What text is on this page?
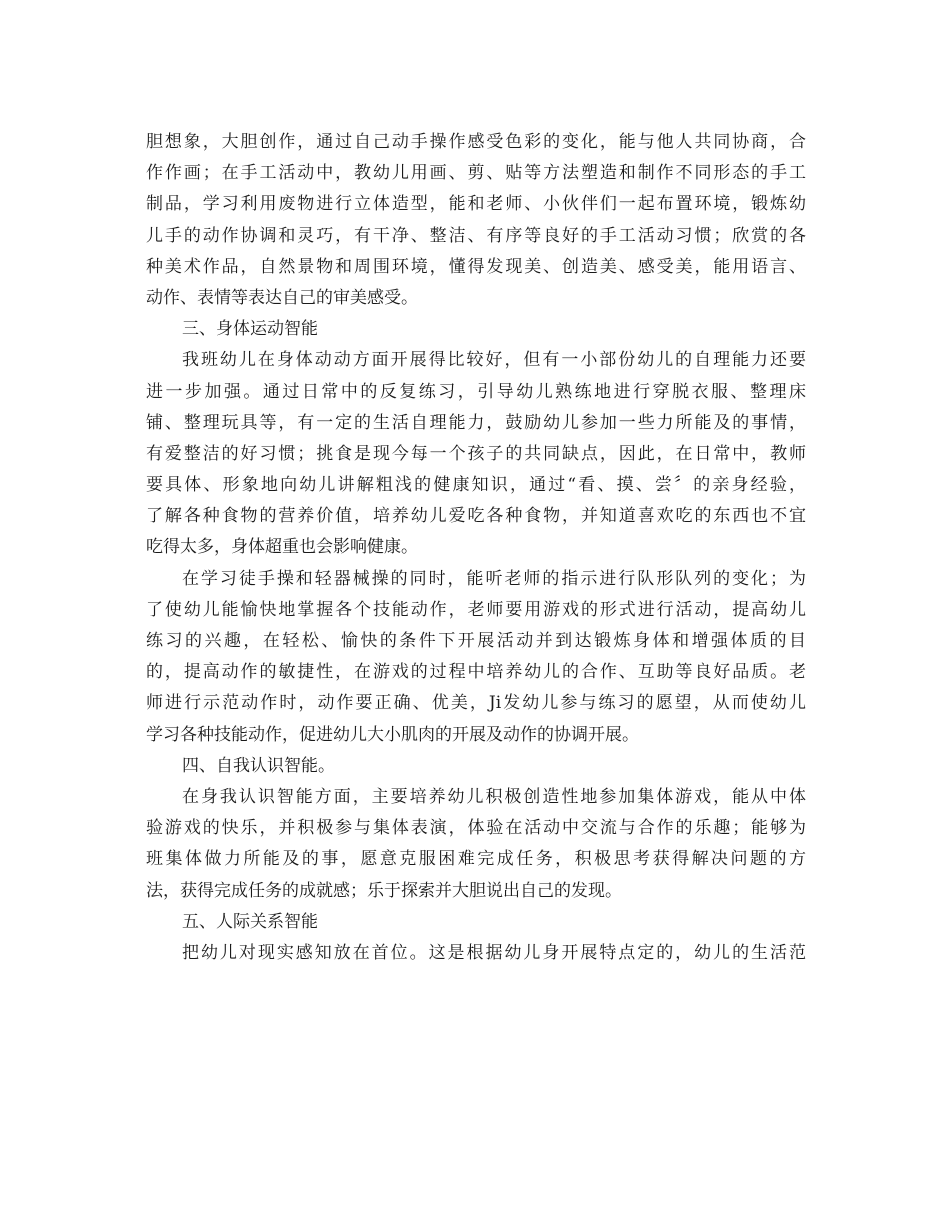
胆想象，大胆创作，通过自己动手操作感受色彩的变化，能与他人共同协商，合
作作画；在手工活动中，教幼儿用画、剪、贴等方法塑造和制作不同形态的手工
制品，学习利用废物进行立体造型，能和老师、小伙伴们一起布置环境，锻炼幼
儿手的动作协调和灵巧，有干净、整洁、有序等良好的手工活动习惯；欣赏的各
种美术作品，自然景物和周围环境，懂得发现美、创造美、感受美，能用语言、
动作、表情等表达自己的审美感受。
三、身体运动智能
我班幼儿在身体动动方面开展得比较好，但有一小部份幼儿的自理能力还要
进一步加强。通过日常中的反复练习，引导幼儿熟练地进行穿脱衣服、整理床
铺、整理玩具等，有一定的生活自理能力，鼓励幼儿参加一些力所能及的事情，
有爱整洁的好习惯；挑食是现今每一个孩子的共同缺点，因此，在日常中，教师
要具体、形象地向幼儿讲解粗浅的健康知识，通过“看、摸、尝〞的亲身经验，
了解各种食物的营养价值，培养幼儿爱吃各种食物，并知道喜欢吃的东西也不宜
吃得太多，身体超重也会影响健康。
在学习徒手操和轻器械操的同时，能听老师的指示进行队形队列的变化；为
了使幼儿能愉快地掌握各个技能动作，老师要用游戏的形式进行活动，提高幼儿
练习的兴趣，在轻松、愉快的条件下开展活动并到达锻炼身体和增强体质的目
的，提高动作的敏捷性，在游戏的过程中培养幼儿的合作、互助等良好品质。老
师进行示范动作时，动作要正确、优美，Ji发幼儿参与练习的愿望，从而使幼儿
学习各种技能动作，促进幼儿大小肌肉的开展及动作的协调开展。
四、自我认识智能。
在身我认识智能方面，主要培养幼儿积极创造性地参加集体游戏，能从中体
验游戏的快乐，并积极参与集体表演，体验在活动中交流与合作的乐趣；能够为
班集体做力所能及的事，愿意克服困难完成任务，积极思考获得解决问题的方
法，获得完成任务的成就感；乐于探索并大胆说出自己的发现。
五、人际关系智能
把幼儿对现实感知放在首位。这是根据幼儿身开展特点定的，幼儿的生活范
